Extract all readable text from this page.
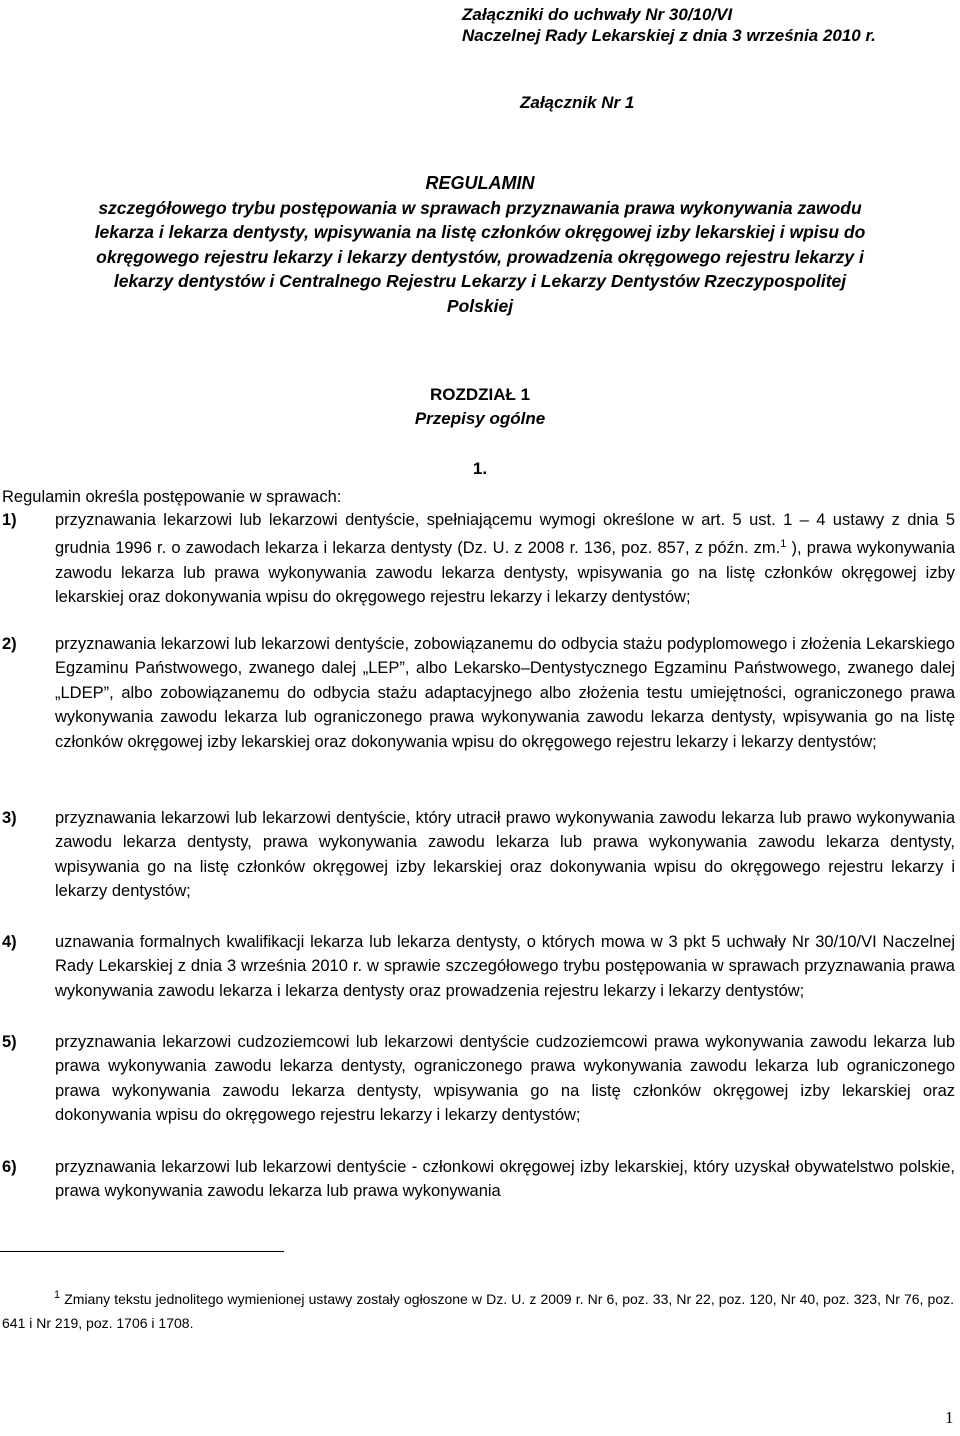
Załączniki do uchwały Nr 30/10/VI
Naczelnej Rady Lekarskiej z dnia 3 września 2010 r.
Załącznik Nr 1
REGULAMIN
szczegółowego trybu postępowania w sprawach przyznawania prawa wykonywania zawodu
lekarza i lekarza dentysty, wpisywania na listę członków okręgowej izby lekarskiej i wpisu do
okręgowego rejestru lekarzy i lekarzy dentystów, prowadzenia okręgowego rejestru lekarzy i
lekarzy dentystów i Centralnego Rejestru Lekarzy i Lekarzy Dentystów Rzeczypospolitej
Polskiej
ROZDZIAŁ 1
Przepisy ogólne
1.
Regulamin określa postępowanie w sprawach:
1) przyznawania lekarzowi lub lekarzowi dentyście, spełniającemu wymogi określone w art. 5 ust. 1 – 4 ustawy z dnia 5 grudnia 1996 r. o zawodach lekarza i lekarza dentysty (Dz. U. z 2008 r. 136, poz. 857, z późn. zm.$^1$ ), prawa wykonywania zawodu lekarza lub prawa wykonywania zawodu lekarza dentysty, wpisywania go na listę członków okręgowej izby lekarskiej oraz dokonywania wpisu do okręgowego rejestru lekarzy i lekarzy dentystów;
2) przyznawania lekarzowi lub lekarzowi dentyście, zobowiązanemu do odbycia stażu podyplomowego i złożenia Lekarskiego Egzaminu Państwowego, zwanego dalej „LEP”, albo Lekarsko–Dentystycznego Egzaminu Państwowego, zwanego dalej „LDEP”, albo zobowiązanemu do odbycia stażu adaptacyjnego albo złożenia testu umiejętności, ograniczonego prawa wykonywania zawodu lekarza lub ograniczonego prawa wykonywania zawodu lekarza dentysty, wpisywania go na listę członków okręgowej izby lekarskiej oraz dokonywania wpisu do okręgowego rejestru lekarzy i lekarzy dentystów;
3) przyznawania lekarzowi lub lekarzowi dentyście, który utracił prawo wykonywania zawodu lekarza lub prawo wykonywania zawodu lekarza dentysty, prawa wykonywania zawodu lekarza lub prawa wykonywania zawodu lekarza dentysty, wpisywania go na listę członków okręgowej izby lekarskiej oraz dokonywania wpisu do okręgowego rejestru lekarzy i lekarzy dentystów;
4) uznawania formalnych kwalifikacji lekarza lub lekarza dentysty, o których mowa w 3 pkt 5 uchwały Nr 30/10/VI Naczelnej Rady Lekarskiej z dnia 3 września 2010 r. w sprawie szczegółowego trybu postępowania w sprawach przyznawania prawa wykonywania zawodu lekarza i lekarza dentysty oraz prowadzenia rejestru lekarzy i lekarzy dentystów;
5) przyznawania lekarzowi cudzoziemcowi lub lekarzowi dentyście cudzoziemcowi prawa wykonywania zawodu lekarza lub prawa wykonywania zawodu lekarza dentysty, ograniczonego prawa wykonywania zawodu lekarza lub ograniczonego prawa wykonywania zawodu lekarza dentysty, wpisywania go na listę członków okręgowej izby lekarskiej oraz dokonywania wpisu do okręgowego rejestru lekarzy i lekarzy dentystów;
6) przyznawania lekarzowi lub lekarzowi dentyście - członkowi okręgowej izby lekarskiej, który uzyskał obywatelstwo polskie, prawa wykonywania zawodu lekarza lub prawa wykonywania
$^1$ Zmiany tekstu jednolitego wymienionej ustawy zostały ogłoszone w Dz. U. z 2009 r. Nr 6, poz. 33, Nr 22, poz. 120, Nr 40, poz. 323, Nr 76, poz. 641 i Nr 219, poz. 1706 i 1708.
1
